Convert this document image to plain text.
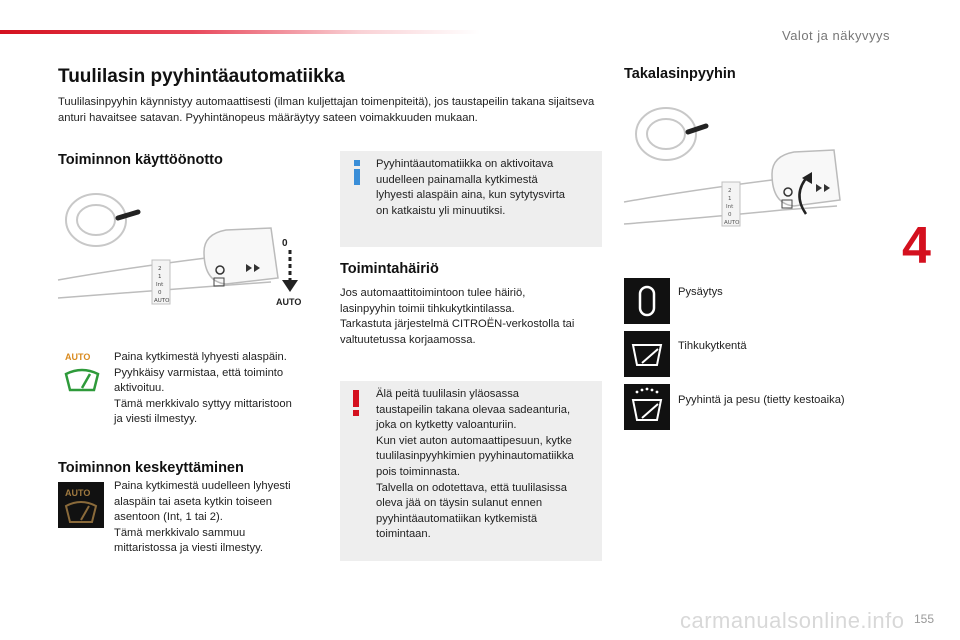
Valot ja näkyvyys
4
carmanualsonline.info 155
Tuulilasin pyyhintäautomatiikka

Tuulilasinpyyhin käynnistyy automaattisesti (ilman kuljettajan toimenpiteitä), jos taustapeilin takana sijaitseva anturi havaitsee satavan. Pyyhintänopeus määräytyy sateen voimakkuuden mukaan.

Toiminnon käyttöönotto
2
1
Int
0
AUTO
0
AUTO
AUTO Paina kytkimestä lyhyesti alaspäin.
Pyyhkäisy varmistaa, että toiminto
aktivoituu.
Tämä merkkivalo syttyy mittaristoon
ja viesti ilmestyy.
Toiminnon keskeyttäminen
AUTO
Paina kytkimestä uudelleen lyhyesti
alaspäin tai aseta kytkin toiseen
asentoon (Int, 1 tai 2).
Tämä merkkivalo sammuu
mittaristossa ja viesti ilmestyy.
Pyyhintäautomatiikka on aktivoitava
uudelleen painamalla kytkimestä
lyhyesti alaspäin aina, kun sytytysvirta
on katkaistu yli minuutiksi.
Toimintahäiriö
Jos automaattitoimintoon tulee häiriö,
lasinpyyhin toimii tihkukytkintilassa.
Tarkastuta järjestelmä CITROËN-verkostolla tai
valtuutetussa korjaamossa.
Älä peitä tuulilasin yläosassa
taustapeilin takana olevaa sadeanturia,
joka on kytketty valoanturiin.
Kun viet auton automaattipesuun, kytke
tuulilasinpyyhkimien pyyhinautomatiikka
pois toiminnasta.
Talvella on odotettava, että tuulilasissa
oleva jää on täysin sulanut ennen
pyyhintäautomatiikan kytkemistä
toimintaan.
Takalasinpyyhin
2
1
Int
0
AUTO
Pysäytys
Tihkukytkentä
Pyyhintä ja pesu (tietty kestoaika)
